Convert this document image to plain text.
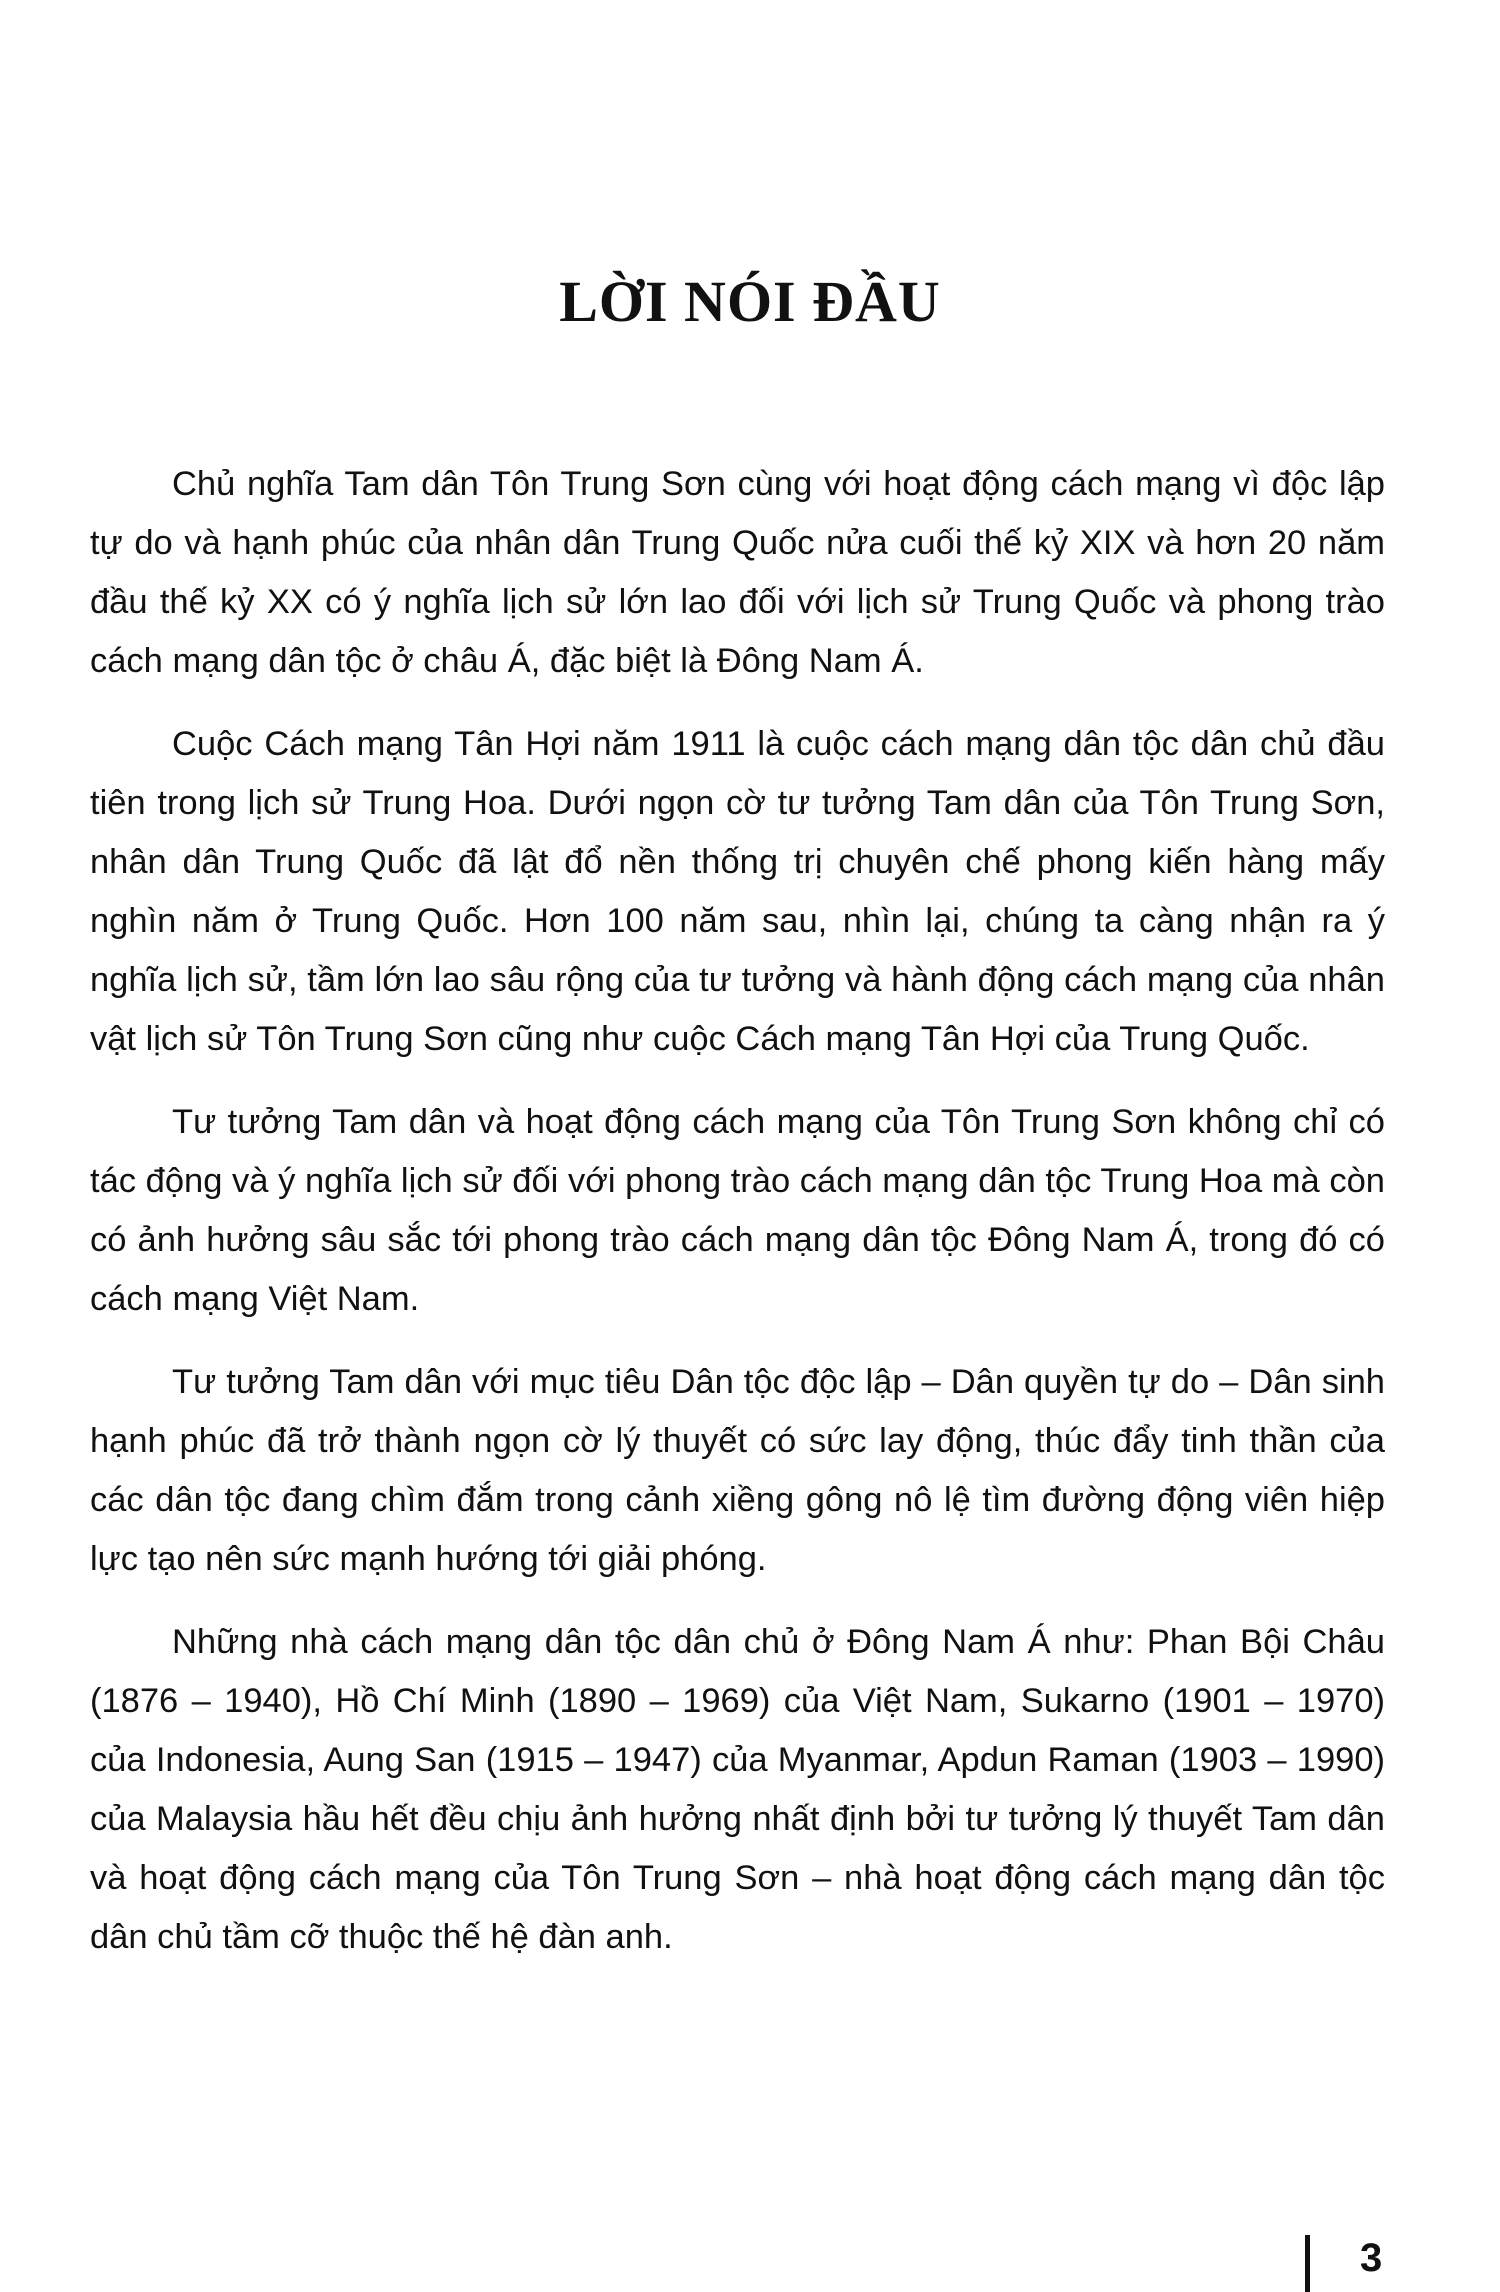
LỜI NÓI ĐẦU

Chủ nghĩa Tam dân Tôn Trung Sơn cùng với hoạt động cách mạng vì độc lập tự do và hạnh phúc của nhân dân Trung Quốc nửa cuối thế kỷ XIX và hơn 20 năm đầu thế kỷ XX có ý nghĩa lịch sử lớn lao đối với lịch sử Trung Quốc và phong trào cách mạng dân tộc ở châu Á, đặc biệt là Đông Nam Á.

Cuộc Cách mạng Tân Hợi năm 1911 là cuộc cách mạng dân tộc dân chủ đầu tiên trong lịch sử Trung Hoa. Dưới ngọn cờ tư tưởng Tam dân của Tôn Trung Sơn, nhân dân Trung Quốc đã lật đổ nền thống trị chuyên chế phong kiến hàng mấy nghìn năm ở Trung Quốc. Hơn 100 năm sau, nhìn lại, chúng ta càng nhận ra ý nghĩa lịch sử, tầm lớn lao sâu rộng của tư tưởng và hành động cách mạng của nhân vật lịch sử Tôn Trung Sơn cũng như cuộc Cách mạng Tân Hợi của Trung Quốc.

Tư tưởng Tam dân và hoạt động cách mạng của Tôn Trung Sơn không chỉ có tác động và ý nghĩa lịch sử đối với phong trào cách mạng dân tộc Trung Hoa mà còn có ảnh hưởng sâu sắc tới phong trào cách mạng dân tộc Đông Nam Á, trong đó có cách mạng Việt Nam.

Tư tưởng Tam dân với mục tiêu Dân tộc độc lập – Dân quyền tự do – Dân sinh hạnh phúc đã trở thành ngọn cờ lý thuyết có sức lay động, thúc đẩy tinh thần của các dân tộc đang chìm đắm trong cảnh xiềng gông nô lệ tìm đường động viên hiệp lực tạo nên sức mạnh hướng tới giải phóng.

Những nhà cách mạng dân tộc dân chủ ở Đông Nam Á như: Phan Bội Châu (1876 – 1940), Hồ Chí Minh (1890 – 1969) của Việt Nam, Sukarno (1901 – 1970) của Indonesia, Aung San (1915 – 1947) của Myanmar, Apdun Raman (1903 – 1990) của Malaysia hầu hết đều chịu ảnh hưởng nhất định bởi tư tưởng lý thuyết Tam dân và hoạt động cách mạng của Tôn Trung Sơn – nhà hoạt động cách mạng dân tộc dân chủ tầm cỡ thuộc thế hệ đàn anh.

3
